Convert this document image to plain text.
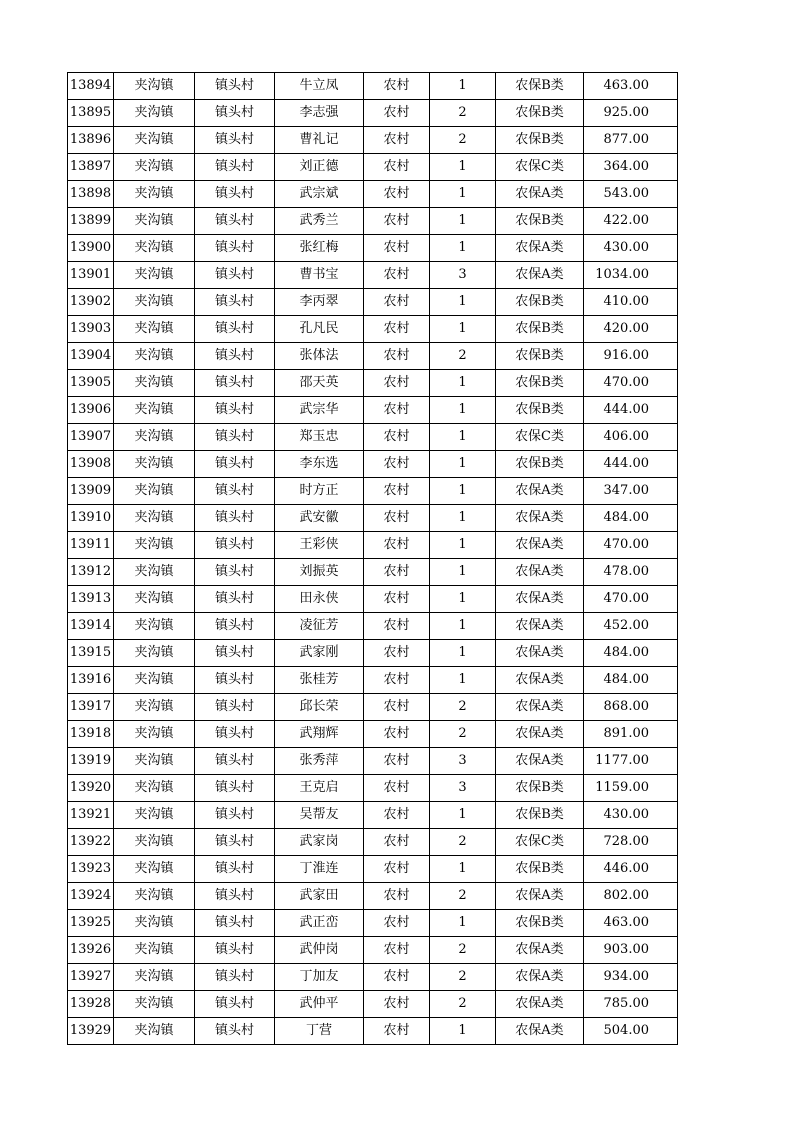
13894	夹沟镇	镇头村	牛立凤	农村	1	农保B类	463.00
13895	夹沟镇	镇头村	李志强	农村	2	农保B类	925.00
13896	夹沟镇	镇头村	曹礼记	农村	2	农保B类	877.00
13897	夹沟镇	镇头村	刘正德	农村	1	农保C类	364.00
13898	夹沟镇	镇头村	武宗斌	农村	1	农保A类	543.00
13899	夹沟镇	镇头村	武秀兰	农村	1	农保B类	422.00
13900	夹沟镇	镇头村	张红梅	农村	1	农保A类	430.00
13901	夹沟镇	镇头村	曹书宝	农村	3	农保A类	1034.00
13902	夹沟镇	镇头村	李丙翠	农村	1	农保B类	410.00
13903	夹沟镇	镇头村	孔凡民	农村	1	农保B类	420.00
13904	夹沟镇	镇头村	张体法	农村	2	农保B类	916.00
13905	夹沟镇	镇头村	邵天英	农村	1	农保B类	470.00
13906	夹沟镇	镇头村	武宗华	农村	1	农保B类	444.00
13907	夹沟镇	镇头村	郑玉忠	农村	1	农保C类	406.00
13908	夹沟镇	镇头村	李东选	农村	1	农保B类	444.00
13909	夹沟镇	镇头村	时方正	农村	1	农保A类	347.00
13910	夹沟镇	镇头村	武安徽	农村	1	农保A类	484.00
13911	夹沟镇	镇头村	王彩侠	农村	1	农保A类	470.00
13912	夹沟镇	镇头村	刘振英	农村	1	农保A类	478.00
13913	夹沟镇	镇头村	田永侠	农村	1	农保A类	470.00
13914	夹沟镇	镇头村	凌征芳	农村	1	农保A类	452.00
13915	夹沟镇	镇头村	武家刚	农村	1	农保A类	484.00
13916	夹沟镇	镇头村	张桂芳	农村	1	农保A类	484.00
13917	夹沟镇	镇头村	邱长荣	农村	2	农保A类	868.00
13918	夹沟镇	镇头村	武翔辉	农村	2	农保A类	891.00
13919	夹沟镇	镇头村	张秀萍	农村	3	农保A类	1177.00
13920	夹沟镇	镇头村	王克启	农村	3	农保B类	1159.00
13921	夹沟镇	镇头村	吴帮友	农村	1	农保B类	430.00
13922	夹沟镇	镇头村	武家岗	农村	2	农保C类	728.00
13923	夹沟镇	镇头村	丁淮连	农村	1	农保B类	446.00
13924	夹沟镇	镇头村	武家田	农村	2	农保A类	802.00
13925	夹沟镇	镇头村	武正峦	农村	1	农保B类	463.00
13926	夹沟镇	镇头村	武仲岗	农村	2	农保A类	903.00
13927	夹沟镇	镇头村	丁加友	农村	2	农保A类	934.00
13928	夹沟镇	镇头村	武仲平	农村	2	农保A类	785.00
13929	夹沟镇	镇头村	丁营	农村	1	农保A类	504.00
